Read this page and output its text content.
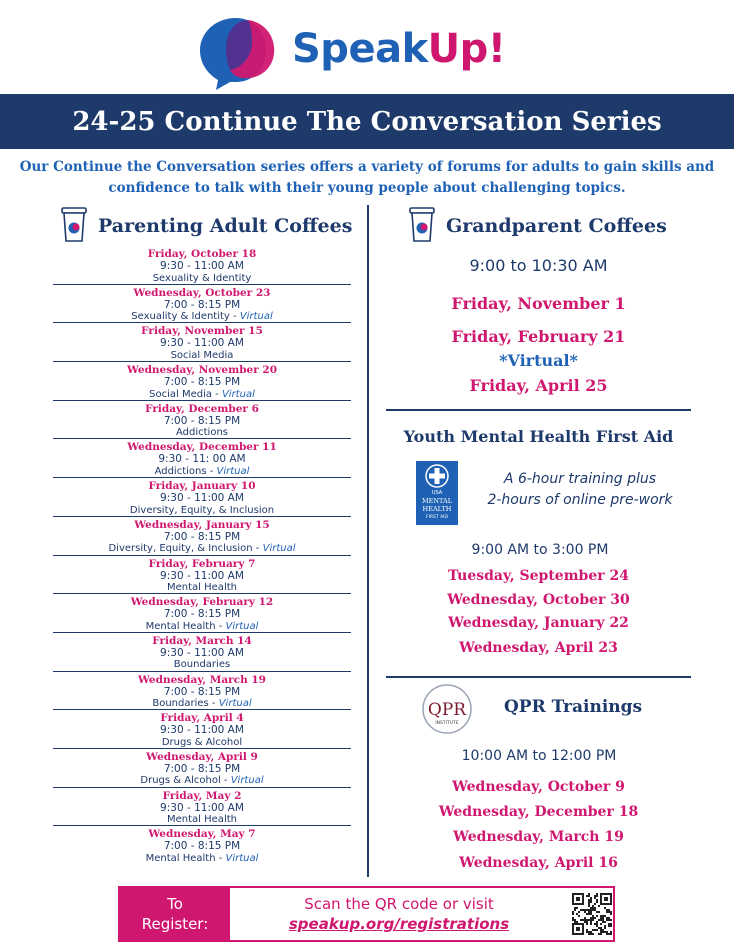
SpeakUp!
24-25 Continue The Conversation Series
Our Continue the Conversation series offers a variety of forums for adults to gain skills and confidence to talk with their young people about challenging topics.
Parenting Adult Coffees
Friday, October 18
9:30 - 11:00 AM
Sexuality & Identity
Wednesday, October 23
7:00 - 8:15 PM
Sexuality & Identity - Virtual
Friday, November 15
9:30 - 11:00 AM
Social Media
Wednesday, November 20
7:00 - 8:15 PM
Social Media - Virtual
Friday, December 6
7:00 - 8:15 PM
Addictions
Wednesday, December 11
9:30 - 11: 00 AM
Addictions - Virtual
Friday, January 10
9:30 - 11:00 AM
Diversity, Equity, & Inclusion
Wednesday, January 15
7:00 - 8:15 PM
Diversity, Equity, & Inclusion - Virtual
Friday, February 7
9:30 - 11:00 AM
Mental Health
Wednesday, February 12
7:00 - 8:15 PM
Mental Health - Virtual
Friday, March 14
9:30 - 11:00 AM
Boundaries
Wednesday, March 19
7:00 - 8:15 PM
Boundaries - Virtual
Friday, April 4
9:30 - 11:00 AM
Drugs & Alcohol
Wednesday, April 9
7:00 - 8:15 PM
Drugs & Alcohol - Virtual
Friday, May 2
9:30 - 11:00 AM
Mental Health
Wednesday, May 7
7:00 - 8:15 PM
Mental Health - Virtual
Grandparent Coffees
9:00 to 10:30 AM
Friday, November 1
Friday, February 21
*Virtual*
Friday, April 25
Youth Mental Health First Aid
USA
MENTAL
HEALTH
FIRST AID
A 6-hour training plus
2-hours of online pre-work
9:00 AM to 3:00 PM
Tuesday, September 24
Wednesday, October 30
Wednesday, January 22
Wednesday, April 23
QPR
INSTITUTE
QPR Trainings
10:00 AM to 12:00 PM
Wednesday, October 9
Wednesday, December 18
Wednesday, March 19
Wednesday, April 16
To
Register:
Scan the QR code or visit
speakup.org/registrations
